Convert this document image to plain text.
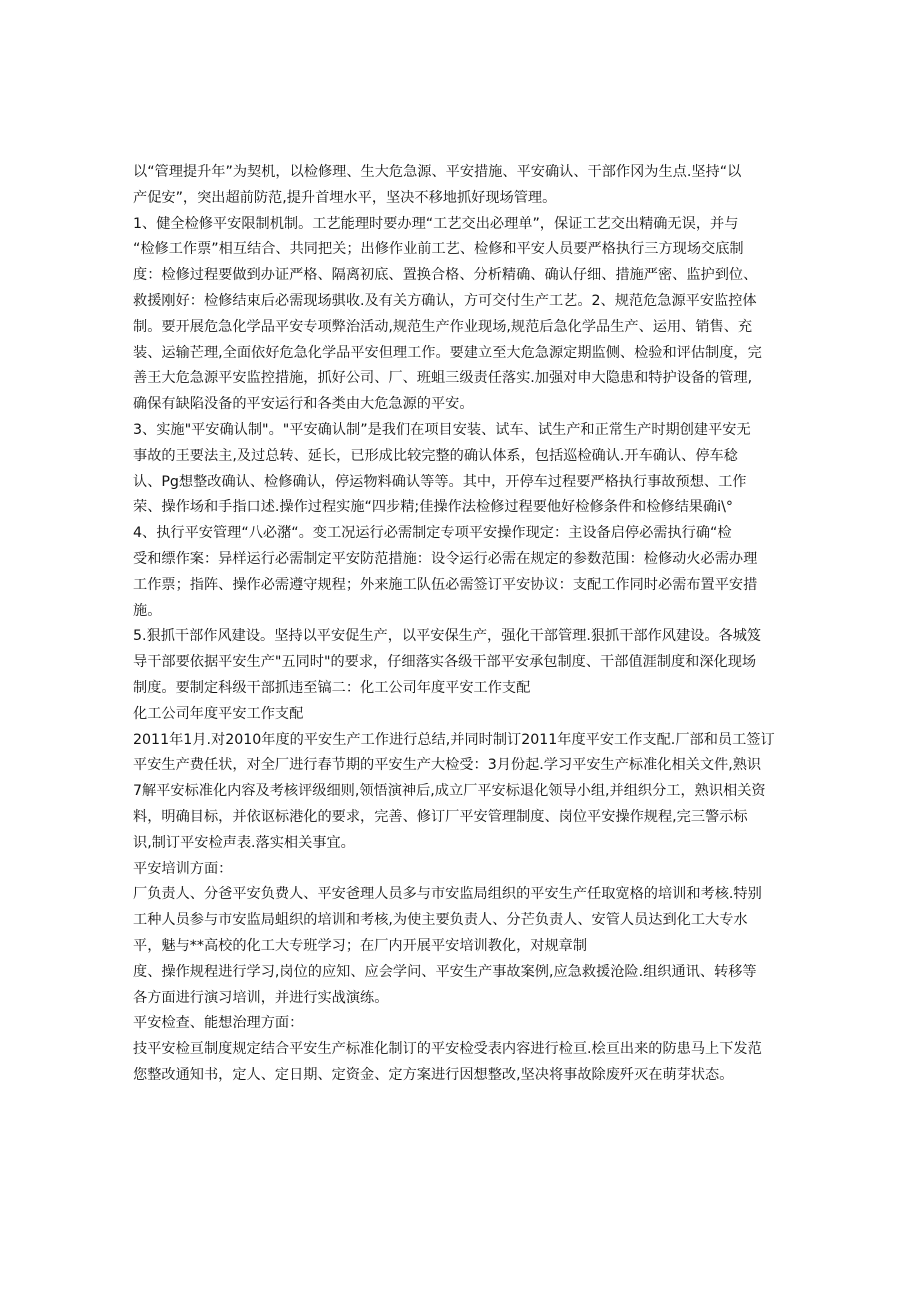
以“管理提升年”为契机，以检修理、生大危急源、平安措施、平安确认、干部作冈为生点.坚持“以
产促安”，突出超前防范,提升首埋水平，坚决不移地抓好现场管理。
1、健全检修平安限制机制。工艺能理时要办理“工艺交出必理单”，保证工艺交出精确无误，并与
“检修工作票”相互结合、共同把关；出修作业前工艺、检修和平安人员要严格执行三方现场交底制
度：检修过程要做到办证严格、隔离初底、置换合格、分析精确、确认仔细、措施严密、监护到位、
救援刚好：检修结束后必需现场骐收.及有关方确认，方可交付生产工艺。2、规范危急源平安监控体
制。要开展危急化学品平安专项弊治活动,规范生产作业现场,规范后急化学品生产、运用、销售、充
装、运输芒理,全面依好危急化学品平安但理工作。要建立至大危急源定期监侧、检验和评估制度，完
善王大危急源平安监控措施，抓好公司、厂、班蛆三级责任落实.加强对申大隐患和特护设备的管理,
确保有缺陷没备的平安运行和各类由大危急源的平安。
3、实施"平安确认制"。"平安确认制”是我们在项目安装、试车、试生产和正常生产时期创建平安无
事故的王要法主,及过总转、延长，已形成比较完整的确认体系，包括巡检确认.开车确认、停车稔
认、Pg想整改确认、检修确认，停运物料确认等等。其中，开停车过程要严格执行事故预想、工作
荣、操作场和手指口述.操作过程实施“四步精;佳操作法检修过程要他好检修条件和检修结果确i\°
4、执行平安管理“八必潴“。变工况运行必需制定专项平安操作现定：主设备启停必需执行确“检
受和缥作案：异样运行必需制定平安防范措施：设令运行必需在规定的参数范围：检修动火必需办理
工作票；指阵、操作必需遵守规程；外来施工队伍必需签订平安协议：支配工作同时必需布置平安措
施。
5.狠抓干部作风建设。坚持以平安促生产，以平安保生产，强化干部管理.狠抓干部作风建设。各城笈
导干部要依据平安生产"五同时"的要求，仔细落实各级干部平安承包制度、干部值涯制度和深化现场
制度。要制定科级干部抓违至镐二：化工公司年度平安工作支配
化工公司年度平安工作支配
2011年1月.对2010年度的平安生产工作进行总结,并同时制订2011年度平安工作支配.厂部和员工签订
平安生产费任状，对全厂进行春节期的平安生产大检受：3月份起.学习平安生产标准化相关文件,熟识
7解平安标准化内容及考核评级细则,领悟演神后,成立厂平安标退化领导小组,并组织分工，熟识相关资
料，明确目标，并依讴标港化的要求，完善、修订厂平安管理制度、岗位平安操作规程,完三警示标
识,制订平安检声表.落实相关事宜。
平安培训方面：
厂负责人、分爸平安负费人、平安爸理人员多与市安监局组织的平安生产任取宽格的培训和考核.特别
工种人员参与市安监局蛆织的培训和考核,为使主要负责人、分芒负责人、安管人员达到化工大专水
平，魅与**高校的化工大专班学习；在厂内开展平安培训教化，对规章制
度、操作规程进行学习,岗位的应知、应会学问、平安生产事故案例,应急救援沧险.组织通讯、转移等
各方面进行演习培训，并进行实战演练。
平安检查、能想治理方面：
技平安检亘制度规定结合平安生产标准化制订的平安检受表内容进行检亘.桧亘出来的防患马上下发范
您整改通知书，定人、定日期、定资金、定方案进行因想整改,坚决将事故除废歼灭在萌芽状态。
